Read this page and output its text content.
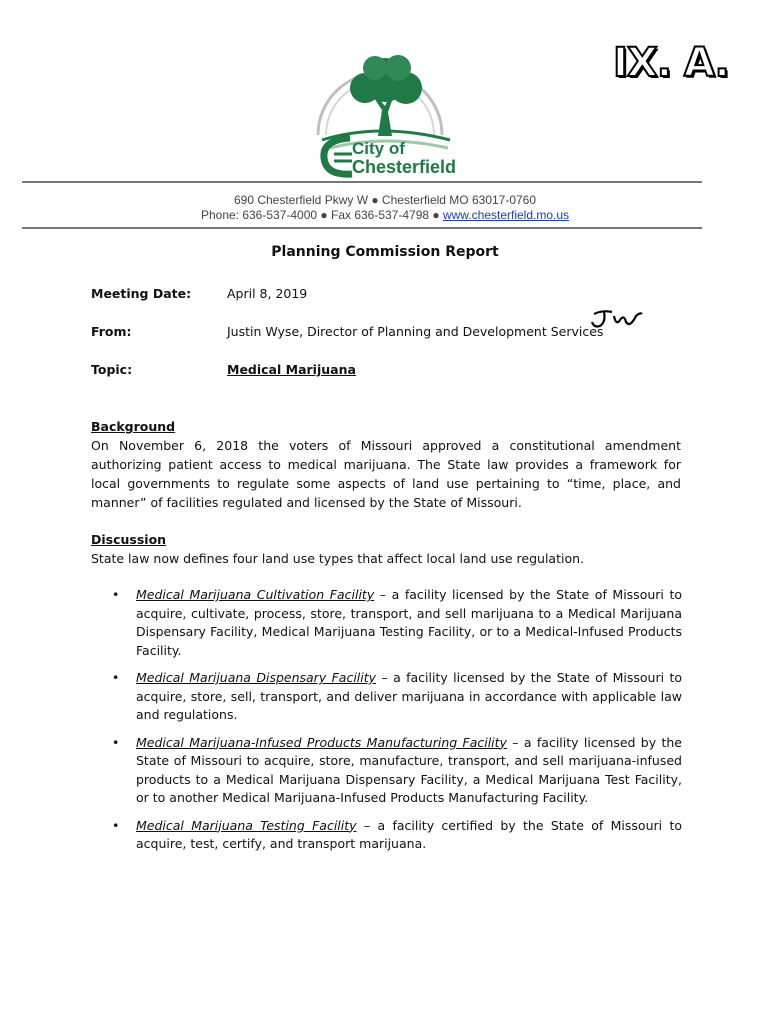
IX. A.
City of
Chesterfield
690 Chesterfield Pkwy W ● Chesterfield MO 63017-0760
Phone: 636-537-4000 ● Fax 636-537-4798 ● www.chesterfield.mo.us
Planning Commission Report
Meeting Date:	April 8, 2019
From:	Justin Wyse, Director of Planning and Development Services
Topic:	Medical Marijuana
Background
On November 6, 2018 the voters of Missouri approved a constitutional amendment authorizing patient access to medical marijuana. The State law provides a framework for local governments to regulate some aspects of land use pertaining to “time, place, and manner” of facilities regulated and licensed by the State of Missouri.
Discussion
State law now defines four land use types that affect local land use regulation.
• Medical Marijuana Cultivation Facility – a facility licensed by the State of Missouri to acquire, cultivate, process, store, transport, and sell marijuana to a Medical Marijuana Dispensary Facility, Medical Marijuana Testing Facility, or to a Medical-Infused Products Facility.
• Medical Marijuana Dispensary Facility – a facility licensed by the State of Missouri to acquire, store, sell, transport, and deliver marijuana in accordance with applicable law and regulations.
• Medical Marijuana-Infused Products Manufacturing Facility – a facility licensed by the State of Missouri to acquire, store, manufacture, transport, and sell marijuana-infused products to a Medical Marijuana Dispensary Facility, a Medical Marijuana Test Facility, or to another Medical Marijuana-Infused Products Manufacturing Facility.
• Medical Marijuana Testing Facility – a facility certified by the State of Missouri to acquire, test, certify, and transport marijuana.
